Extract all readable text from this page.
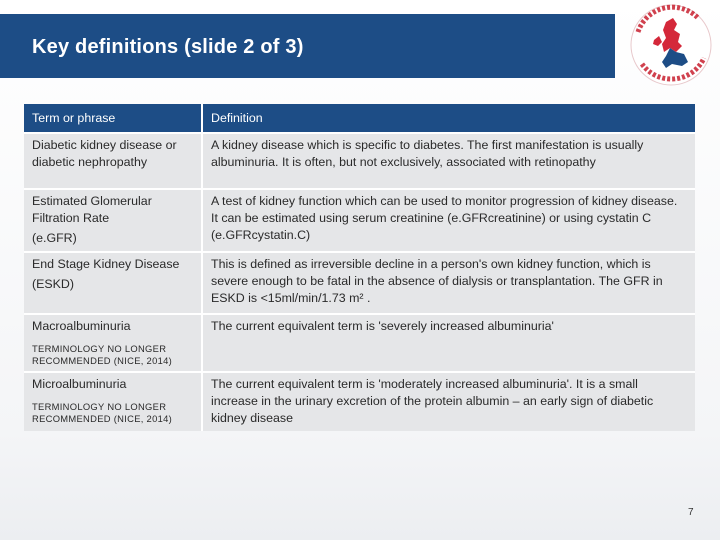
Key definitions (slide 2 of 3)
Term or phrase	Definition
Diabetic kidney disease or diabetic nephropathy	A kidney disease which is specific to diabetes. The first manifestation is usually albuminuria. It is often, but not exclusively, associated with retinopathy
Estimated Glomerular Filtration Rate
(e.GFR)	A test of kidney function which can be used to monitor progression of kidney disease. It can be estimated using serum creatinine (e.GFRcreatinine) or using cystatin C (e.GFRcystatin.C)
End Stage Kidney Disease
(ESKD)	This is defined as irreversible decline in a person's own kidney function, which is severe enough to be fatal in the absence of dialysis or transplantation. The GFR in ESKD is <15ml/min/1.73 m² .
Macroalbuminuria
TERMINOLOGY NO LONGER RECOMMENDED (NICE, 2014)	The current equivalent term is 'severely increased albuminuria'
Microalbuminuria
TERMINOLOGY NO LONGER RECOMMENDED (NICE, 2014)	The current equivalent term is 'moderately increased albuminuria'. It is a small increase in the urinary excretion of the protein albumin – an early sign of diabetic kidney disease
7
